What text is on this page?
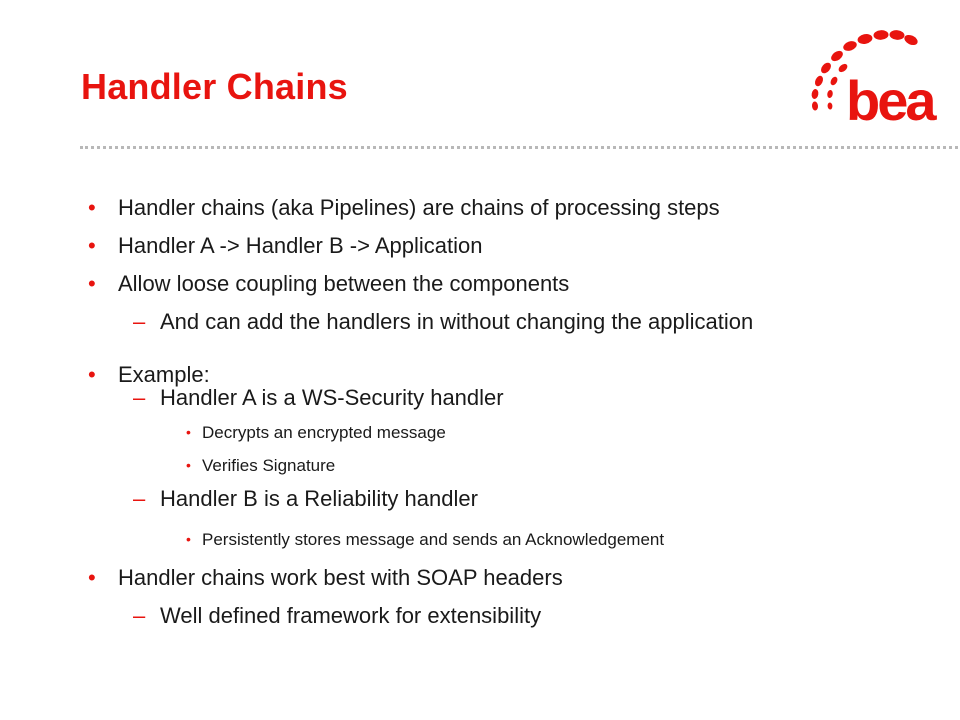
Handler Chains	bea
• Handler chains (aka Pipelines) are chains of processing steps
• Handler A -> Handler B -> Application
• Allow loose coupling between the components
– And can add the handlers in without changing the application
• Example:
– Handler A is a WS-Security handler
• Decrypts an encrypted message
• Verifies Signature
– Handler B is a Reliability handler
• Persistently stores message and sends an Acknowledgement
• Handler chains work best with SOAP headers
– Well defined framework for extensibility
